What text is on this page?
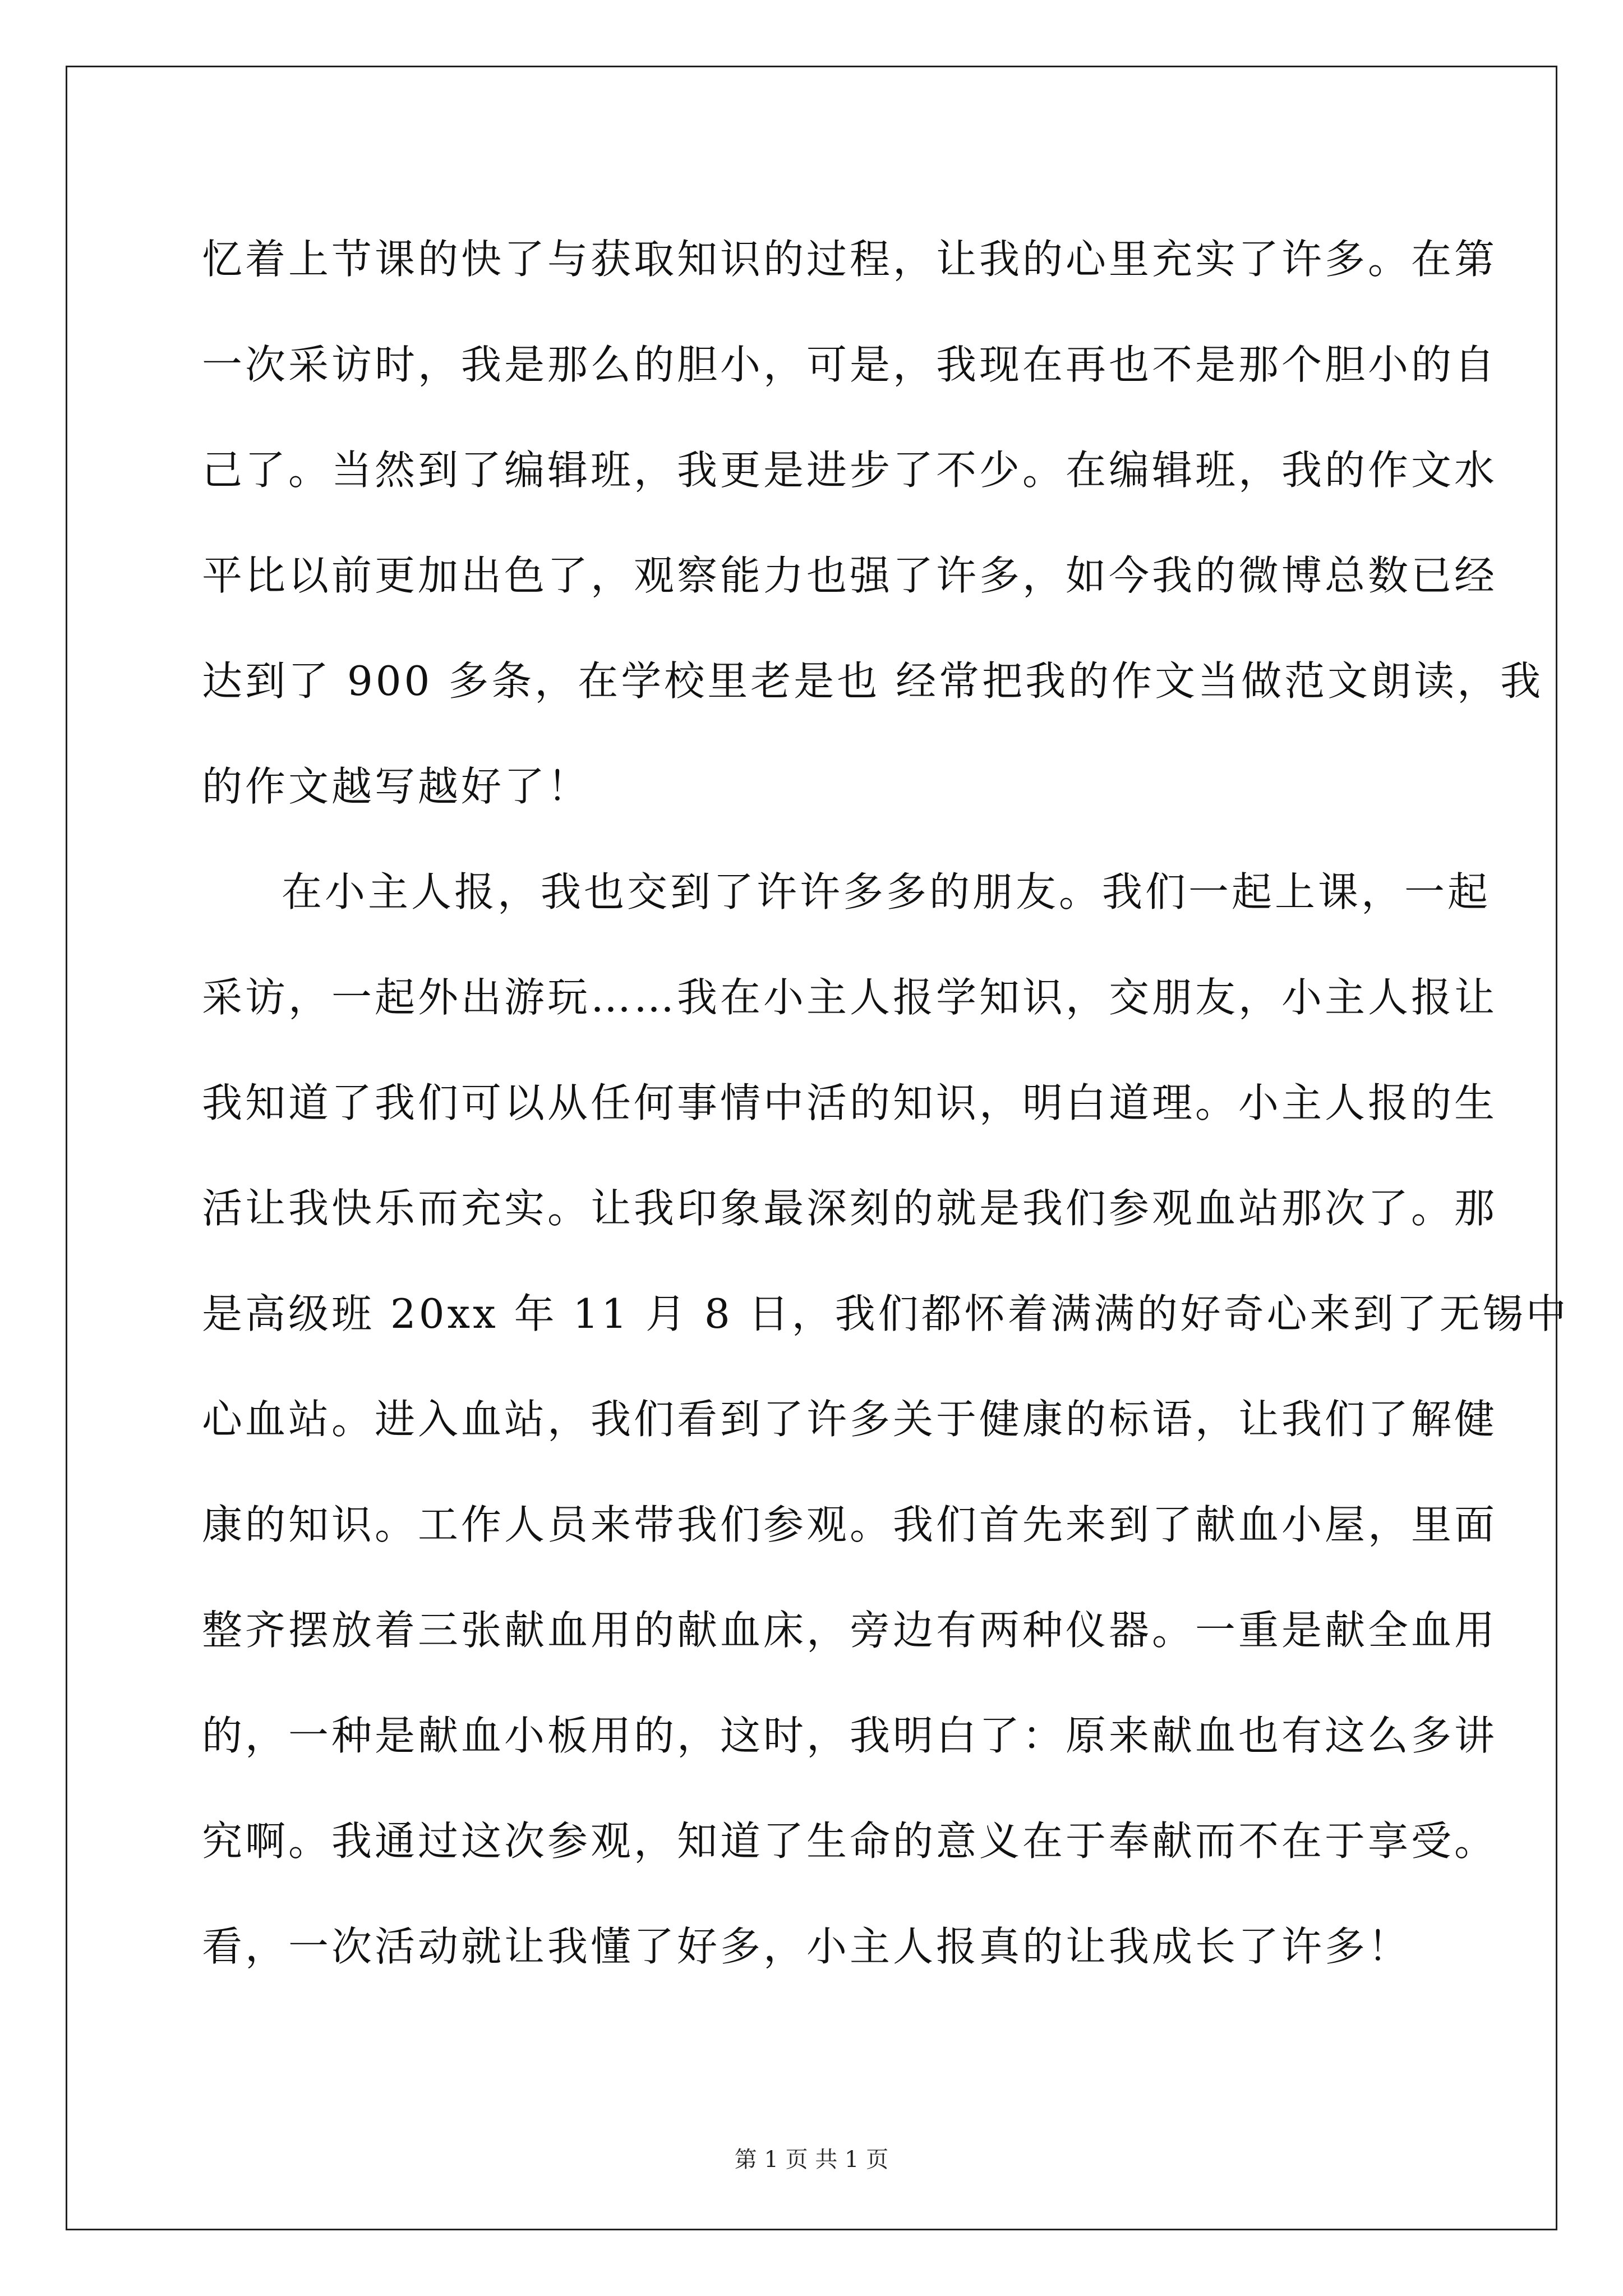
忆着上节课的快了与获取知识的过程，让我的心里充实了许多。在第
一次采访时，我是那么的胆小，可是，我现在再也不是那个胆小的自
己了。当然到了编辑班，我更是进步了不少。在编辑班，我的作文水
平比以前更加出色了，观察能力也强了许多，如今我的微博总数已经
达到了 900 多条，在学校里老是也 经常把我的作文当做范文朗读，我
的作文越写越好了！
在小主人报，我也交到了许许多多的朋友。我们一起上课，一起
采访，一起外出游玩……我在小主人报学知识，交朋友，小主人报让
我知道了我们可以从任何事情中活的知识，明白道理。小主人报的生
活让我快乐而充实。让我印象最深刻的就是我们参观血站那次了。那
是高级班 20xx 年 11 月 8 日，我们都怀着满满的好奇心来到了无锡中
心血站。进入血站，我们看到了许多关于健康的标语，让我们了解健
康的知识。工作人员来带我们参观。我们首先来到了献血小屋，里面
整齐摆放着三张献血用的献血床，旁边有两种仪器。一重是献全血用
的，一种是献血小板用的，这时，我明白了：原来献血也有这么多讲
究啊。我通过这次参观，知道了生命的意义在于奉献而不在于享受。
看，一次活动就让我懂了好多，小主人报真的让我成长了许多！
第 1 页 共 1 页
